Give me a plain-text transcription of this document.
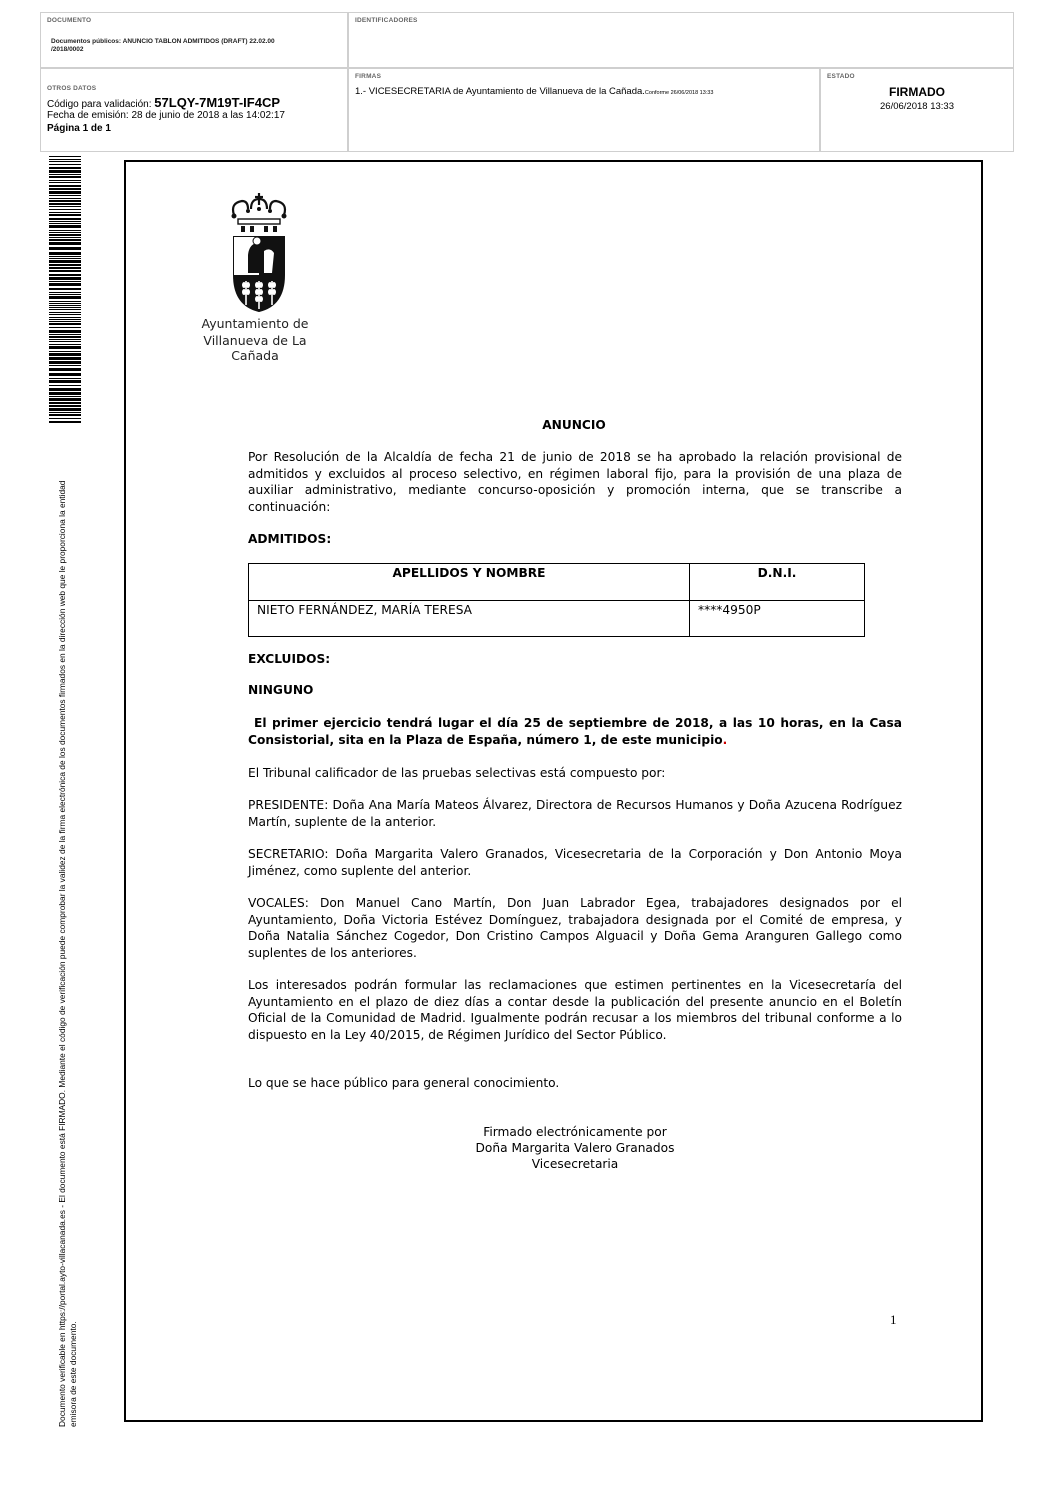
DOCUMENTO
Documentos públicos: ANUNCIO TABLON ADMITIDOS (DRAFT) 22.02.00 /2018/0002
IDENTIFICADORES
OTROS DATOS
Código para validación: 57LQY-7M19T-IF4CP
Fecha de emisión: 28 de junio de 2018 a las 14:02:17
Página 1 de 1
FIRMAS
1.- VICESECRETARIA de Ayuntamiento de Villanueva de la Cañada.Conforme 26/06/2018 13:33
ESTADO
FIRMADO
26/06/2018 13:33
Documento verificable en https://portal.ayto-villacanada.es - El documento está FIRMADO. Mediante el código de verificación puede comprobar la validez de la firma electrónica de los documentos firmados en la dirección web que le proporciona la entidad emisora de este documento.
Ayuntamiento de
Villanueva de La Cañada
ANUNCIO
Por Resolución de la Alcaldía de fecha 21 de junio de 2018 se ha aprobado la relación provisional de admitidos y excluidos al proceso selectivo, en régimen laboral fijo, para la provisión de una plaza de auxiliar administrativo, mediante concurso-oposición y promoción interna, que se transcribe a continuación:
ADMITIDOS:
APELLIDOS Y NOMBRE	D.N.I.
NIETO FERNÁNDEZ, MARÍA TERESA	****4950P
EXCLUIDOS:
NINGUNO
El primer ejercicio tendrá lugar el día 25 de septiembre de 2018, a las 10 horas, en la Casa Consistorial, sita en la Plaza de España, número 1, de este municipio.
El Tribunal calificador de las pruebas selectivas está compuesto por:
PRESIDENTE: Doña Ana María Mateos Álvarez, Directora de Recursos Humanos y Doña Azucena Rodríguez Martín, suplente de la anterior.
SECRETARIO: Doña Margarita Valero Granados, Vicesecretaria de la Corporación y Don Antonio Moya Jiménez, como suplente del anterior.
VOCALES: Don Manuel Cano Martín, Don Juan Labrador Egea, trabajadores designados por el Ayuntamiento, Doña Victoria Estévez Domínguez, trabajadora designada por el Comité de empresa, y Doña Natalia Sánchez Cogedor, Don Cristino Campos Alguacil y Doña Gema Aranguren Gallego como suplentes de los anteriores.
Los interesados podrán formular las reclamaciones que estimen pertinentes en la Vicesecretaría del Ayuntamiento en el plazo de diez días a contar desde la publicación del presente anuncio en el Boletín Oficial de la Comunidad de Madrid. Igualmente podrán recusar a los miembros del tribunal conforme a lo dispuesto en la Ley 40/2015, de Régimen Jurídico del Sector Público.
Lo que se hace público para general conocimiento.
Firmado electrónicamente por
Doña Margarita Valero Granados
Vicesecretaria
1
